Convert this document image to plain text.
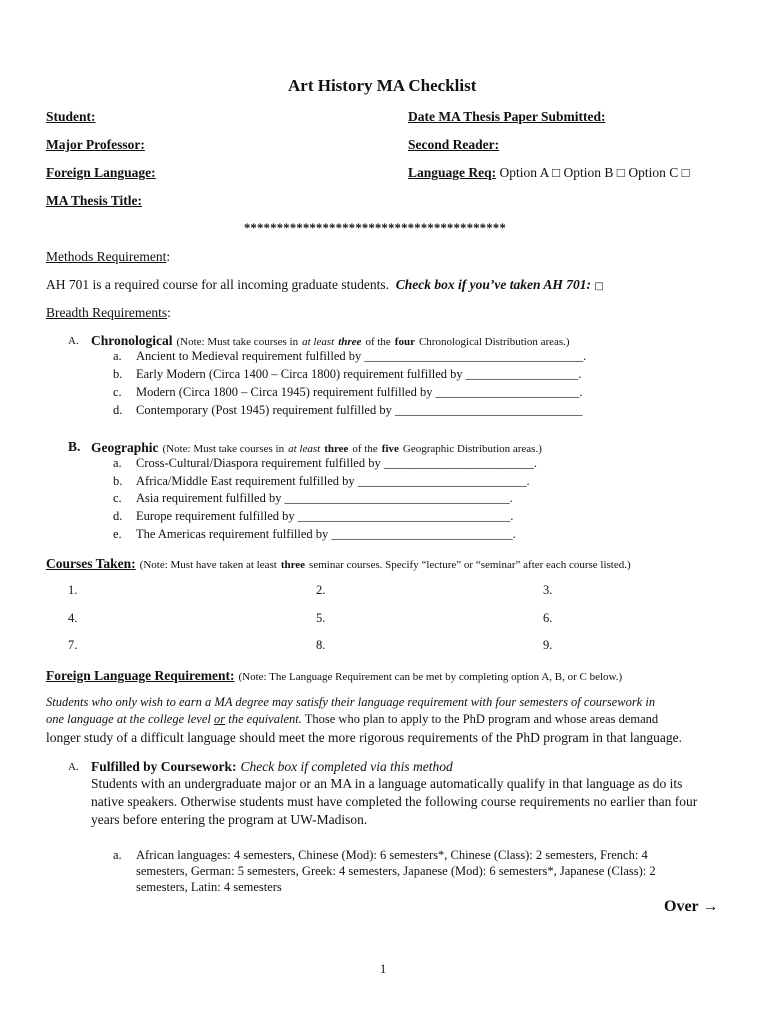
Art History MA Checklist
Student:	Date MA Thesis Paper Submitted:
Major Professor:	Second Reader:
Foreign Language:	Language Req: Option A □ Option B □ Option C □
MA Thesis Title:
****************************************
Methods Requirement:
AH 701 is a required course for all incoming graduate students. Check box if you’ve taken AH 701: □
Breadth Requirements:
A. Chronological (Note: Must take courses in at least three of the four Chronological Distribution areas.)
a. Ancient to Medieval requirement fulfilled by ___________________________________.
b. Early Modern (Circa 1400 – Circa 1800) requirement fulfilled by __________________.
c. Modern (Circa 1800 – Circa 1945) requirement fulfilled by _______________________.
d. Contemporary (Post 1945) requirement fulfilled by ______________________________
B. Geographic (Note: Must take courses in at least three of the five Geographic Distribution areas.)
a. Cross-Cultural/Diaspora requirement fulfilled by ________________________.
b. Africa/Middle East requirement fulfilled by ___________________________.
c. Asia requirement fulfilled by ____________________________________.
d. Europe requirement fulfilled by __________________________________.
e. The Americas requirement fulfilled by _____________________________.
Courses Taken: (Note: Must have taken at least three seminar courses. Specify “lecture” or “seminar” after each course listed.)
1.	2.	3.
4.	5.	6.
7.	8.	9.
Foreign Language Requirement: (Note: The Language Requirement can be met by completing option A, B, or C below.)
Students who only wish to earn a MA degree may satisfy their language requirement with four semesters of coursework in
one language at the college level or the equivalent. Those who plan to apply to the PhD program and whose areas demand
longer study of a difficult language should meet the more rigorous requirements of the PhD program in that language.
A. Fulfilled by Coursework: Check box if completed via this method
Students with an undergraduate major or an MA in a language automatically qualify in that language as do its
native speakers. Otherwise students must have completed the following course requirements no earlier than four
years before entering the program at UW-Madison.
a. African languages: 4 semesters, Chinese (Mod): 6 semesters*, Chinese (Class): 2 semesters, French: 4
semesters, German: 5 semesters, Greek: 4 semesters, Japanese (Mod): 6 semesters*, Japanese (Class): 2
semesters, Latin: 4 semesters
Over →
1
